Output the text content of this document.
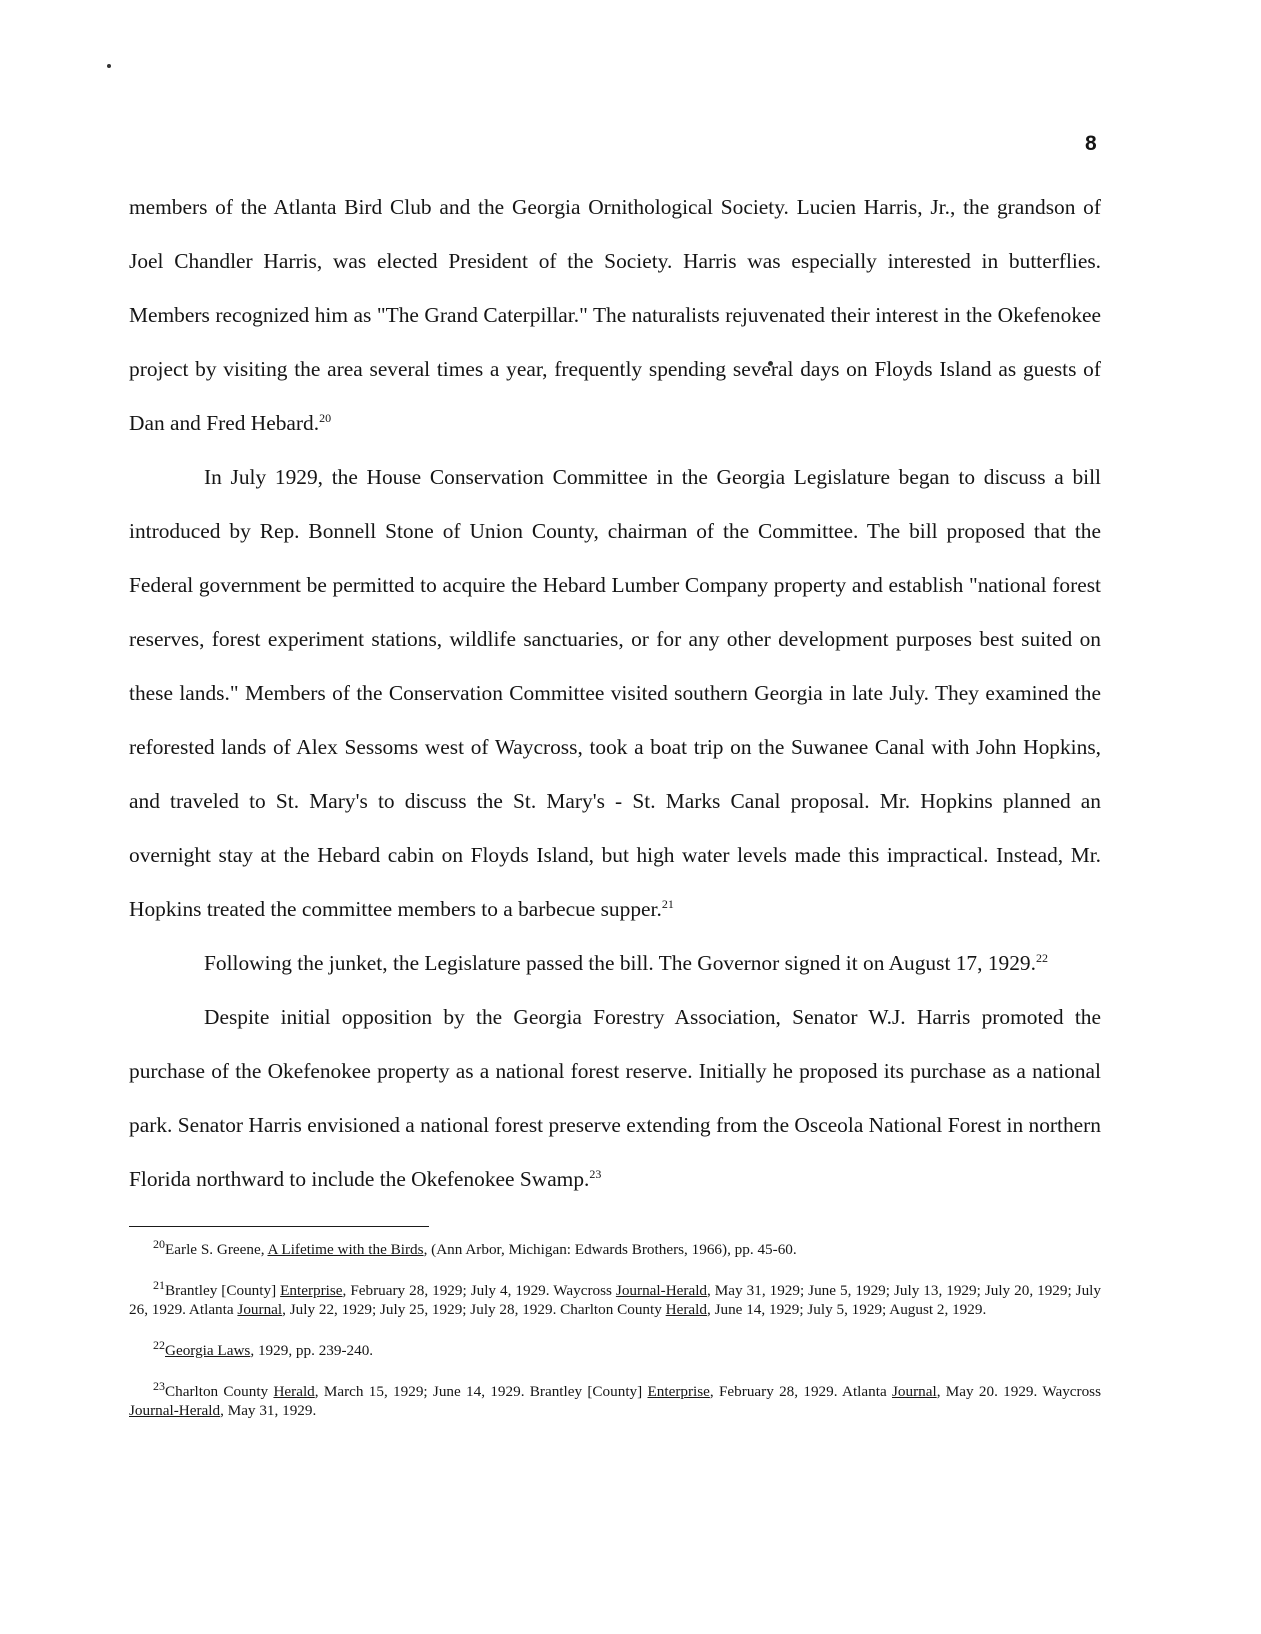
8

members of the Atlanta Bird Club and the Georgia Ornithological Society. Lucien Harris, Jr., the grandson of Joel Chandler Harris, was elected President of the Society. Harris was especially interested in butterflies. Members recognized him as "The Grand Caterpillar." The naturalists rejuvenated their interest in the Okefenokee project by visiting the area several times a year, frequently spending several days on Floyds Island as guests of Dan and Fred Hebard.$^{20}$

In July 1929, the House Conservation Committee in the Georgia Legislature began to discuss a bill introduced by Rep. Bonnell Stone of Union County, chairman of the Committee. The bill proposed that the Federal government be permitted to acquire the Hebard Lumber Company property and establish "national forest reserves, forest experiment stations, wildlife sanctuaries, or for any other development purposes best suited on these lands." Members of the Conservation Committee visited southern Georgia in late July. They examined the reforested lands of Alex Sessoms west of Waycross, took a boat trip on the Suwanee Canal with John Hopkins, and traveled to St. Mary's to discuss the St. Mary's - St. Marks Canal proposal. Mr. Hopkins planned an overnight stay at the Hebard cabin on Floyds Island, but high water levels made this impractical. Instead, Mr. Hopkins treated the committee members to a barbecue supper.$^{21}$

Following the junket, the Legislature passed the bill. The Governor signed it on August 17, 1929.22

Despite initial opposition by the Georgia Forestry Association, Senator W.J. Harris promoted the purchase of the Okefenokee property as a national forest reserve. Initially he proposed its purchase as a national park. Senator Harris envisioned a national forest preserve extending from the Osceola National Forest in northern Florida northward to include the Okefenokee Swamp.$^{23}$

$^{20}$Earle S. Greene, A Lifetime with the Birds, (Ann Arbor, Michigan: Edwards Brothers, 1966), pp. 45-60.

$^{21}$Brantley [County] Enterprise, February 28, 1929; July 4, 1929. Waycross Journal-Herald, May 31, 1929; June 5, 1929; July 13, 1929; July 20, 1929; July 26, 1929. Atlanta Journal, July 22, 1929; July 25, 1929; July 28, 1929. Charlton County Herald, June 14, 1929; July 5, 1929; August 2, 1929.

$^{22}$Georgia Laws, 1929, pp. 239-240.

$^{23}$Charlton County Herald, March 15, 1929; June 14, 1929. Brantley [County] Enterprise, February 28, 1929. Atlanta Journal, May 20. 1929. Waycross Journal-Herald, May 31, 1929.
